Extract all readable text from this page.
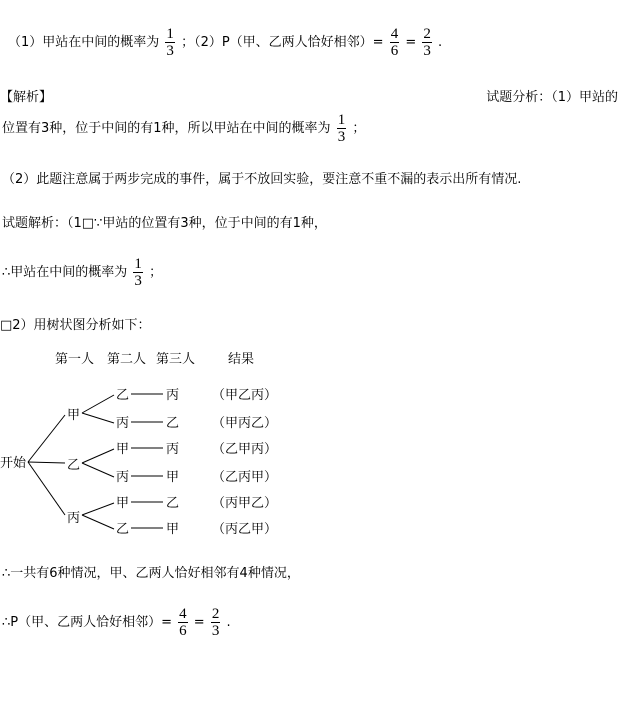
（1）甲站在中间的概率为 $\frac{1}{3}$ ；（2）P（甲、乙两人恰好相邻）= $\frac{4}{6} = \frac{2}{3}$ .
【解析】	试题分析：（1）甲站的
位置有3种，位于中间的有1种，所以甲站在中间的概率为 $\frac{1}{3}$ ；
（2）此题注意属于两步完成的事件，属于不放回实验，要注意不重不漏的表示出所有情况.
试题解析：（1□∵甲站的位置有3种，位于中间的有1种，
∴甲站在中间的概率为 $\frac{1}{3}$ ；
□2）用树状图分析如下：
第一人 第二人 第三人	结果
开始
甲
乙
丙
乙
丙
甲
丙
甲
乙
丙
乙
丙
甲
乙
甲
（甲乙丙）
（甲丙乙）
（乙甲丙）
（乙丙甲）
（丙甲乙）
（丙乙甲）
∴一共有6种情况，甲、乙两人恰好相邻有4种情况，
∴P（甲、乙两人恰好相邻）= $\frac{4}{6} = \frac{2}{3}$ .
